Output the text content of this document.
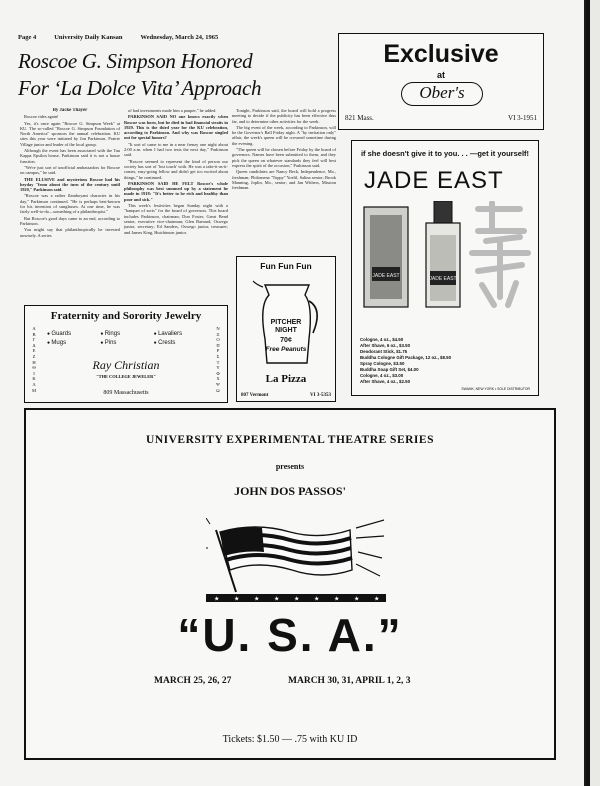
Page 4	University Daily Kansan	Wednesday, March 24, 1965
Roscoe G. Simpson Honored
For ‘La Dolce Vita’ Approach

By Jacke Thayer

Roscoe rides again!

Yes, it's once again "Roscoe G. Simpson Week" at KU. The so-called "Roscoe G. Simpson Foundation of North America" sponsors the annual celebration. KU sites this year were initiated by Jon Parkinson, Prairie Village junior and leader of the local group.

Although the event has been associated with the Tau Kappa Epsilon house, Parkinson said it is not a house function.

"We're just sort of unofficial ambassadors for Roscoe on campus," he said.

THE ELUSIVE and mysterious Roscoe had his heyday "from about the turn of the century until 1920," Parkinson said.

"Roscoe was a rather flamboyant character in his day," Parkinson continued. "He is perhaps best-known for his invention of sunglasses. At one time, he was fairly well-to-do—something of a philanthropist."

But Roscoe's good days came to an end, according to Parkinson.

You might say that philanthropically he invested unwisely. A series

of bad investments made him a pauper," he added.

PARKINSON SAID NO one knows exactly when Roscoe was born, but he died in bad financial straits in 1929. This is the third year for the KU celebration, according to Parkinson. And why was Roscoe singled out for special honors?

"It sort of came to me in a near frenzy one night about 2:00 a.m. when I had two tests the next day," Parkinson said.

"Roscoe seemed to represent the kind of person our society has sort of 'lost touch' with. He was a take-it-as-it-comes, easy-going fellow and didn't get too excited about things," he continued.

PARKINSON SAID HE FELT Roscoe's whole philosophy was best summed up by a statement he made in 1918: "It's better to be rich and healthy than poor and sick."

This week's festivities began Sunday night with a "banquet of sorts" for the board of governors. This board includes Parkinson, chairman; Don Foster, Great Bend senior, executive vice-chairman; Glen Barnard, Oswego junior, secretary; Ed Sanders, Oswego junior, treasurer; and James King, Hutchinson junior.

Tonight, Parkinson said, the board will hold a progress meeting to decide if the publicity has been effective thus far, and to determine other activities for the week.

The big event of the week, according to Parkinson, will be the Governor's Ball Friday night. A "by invitation only" affair, the week's queen will be crowned sometime during the evening.

"The queen will be chosen before Friday by the board of governors. Names have been submitted to them, and they pick the queen on whatever standards they feel will best express the spirit of the occasion," Parkinson said.

Queen candidates are Nancy Beck, Independence, Mo., freshman; Philomena "Toppy" Yoelil, Salina senior; Brook Manning, Joplin, Mo., senior; and Jan Withers, Mission freshman.

Exclusive
at
Ober's
821 Mass.	VI 3-1951
if she doesn't give it to you. . . —get it yourself!
JADE EAST
JADE EAST	JADE EAST
Cologne, 4 oz., $4.50
After Shave, 6 oz., $3.50
Deodorant Stick, $1.75
Buddha Cologne Gift Package, 12 oz., $8.50
Spray Cologne, $3.50
Buddha Soap Gift Set, $4.00
Cologne, 4 oz., $3.00
After Shave, 4 oz., $2.50
SWANK, NEW YORK • SOLE DISTRIBUTOR
Fraternity and Sorority Jewelry
Α
Β
Γ
Δ
Ε
Ζ
Η
Θ
Ι
Κ
Λ
Μ
Ν
Ξ
Ο
Π
Ρ
Σ
Τ
Υ
Φ
Χ
Ψ
Ω
● Guards	● Rings	● Lavaliers
● Mugs	● Pins	● Crests
Ray Christian
"THE COLLEGE JEWELER"
809 Massachusetts
Fun Fun Fun
PITCHER
NIGHT
70¢
Free Peanuts
La Pizza
807 Vermont	VI 3-5353
UNIVERSITY EXPERIMENTAL THEATRE SERIES
presents
JOHN DOS PASSOS'
★ ★ ★ ★ ★ ★ ★ ★ ★
“U. S. A.”
MARCH 25, 26, 27	MARCH 30, 31, APRIL 1, 2, 3
Tickets: $1.50 — .75 with KU ID
